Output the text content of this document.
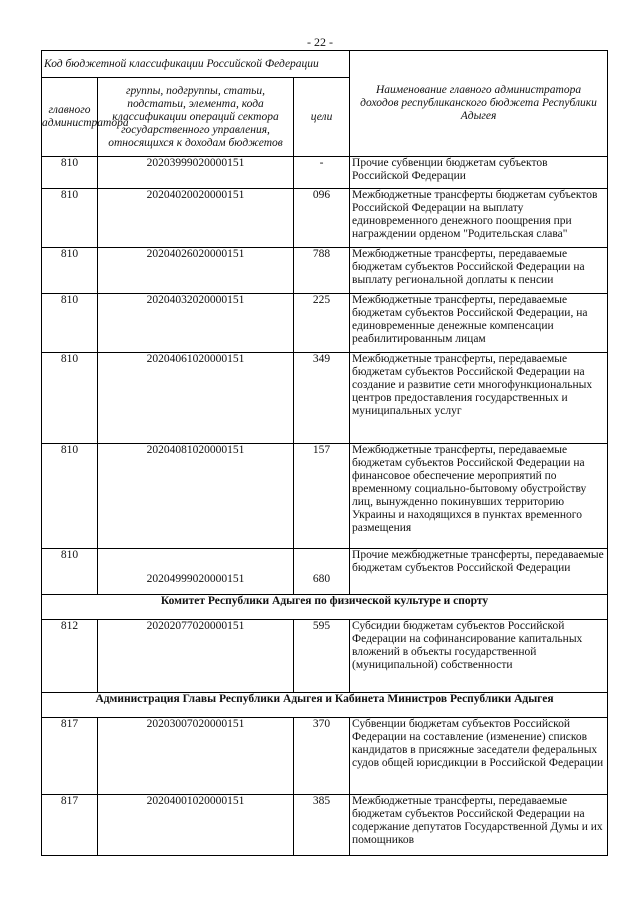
- 22 -
Код бюджетной классификации Российской Федерации			Наименование главного администратора доходов республиканского бюджета Республики Адыгея
главного администратора	группы, подгруппы, статьи, подстатьи, элемента, кода классификации операций сектора государственного управления, относящихся к доходам бюджетов	цели	
810	20203999020000151	-	Прочие субвенции бюджетам субъектов Российской Федерации
810	20204020020000151	096	Межбюджетные трансферты бюджетам субъектов Российской Федерации на выплату единовременного денежного поощрения при награждении орденом "Родительская слава"
810	20204026020000151	788	Межбюджетные трансферты, передаваемые бюджетам субъектов Российской Федерации на выплату региональной доплаты к пенсии
810	20204032020000151	225	Межбюджетные трансферты, передаваемые бюджетам субъектов Российской Федерации, на единовременные денежные компенсации реабилитированным лицам
810	20204061020000151	349	Межбюджетные трансферты, передаваемые бюджетам субъектов Российской Федерации на создание и развитие сети многофункциональных центров предоставления государственных и муниципальных услуг
810	20204081020000151	157	Межбюджетные трансферты, передаваемые бюджетам субъектов Российской Федерации на финансовое обеспечение мероприятий по временному социально-бытовому обустройству лиц, вынужденно покинувших территорию Украины и находящихся в пунктах временного размещения
810	20204999020000151	680	Прочие межбюджетные трансферты, передаваемые бюджетам субъектов Российской Федерации
Комитет Республики Адыгея по физической культуре и спорту			
812	20202077020000151	595	Субсидии бюджетам субъектов Российской Федерации на софинансирование капитальных вложений в объекты государственной (муниципальной) собственности
Администрация Главы Республики Адыгея и Кабинета Министров Республики Адыгея			
817	20203007020000151	370	Субвенции бюджетам субъектов Российской Федерации на составление (изменение) списков кандидатов в присяжные заседатели федеральных судов общей юрисдикции в Российской Федерации
817	20204001020000151	385	Межбюджетные трансферты, передаваемые бюджетам субъектов Российской Федерации на содержание депутатов Государственной Думы и их помощников
